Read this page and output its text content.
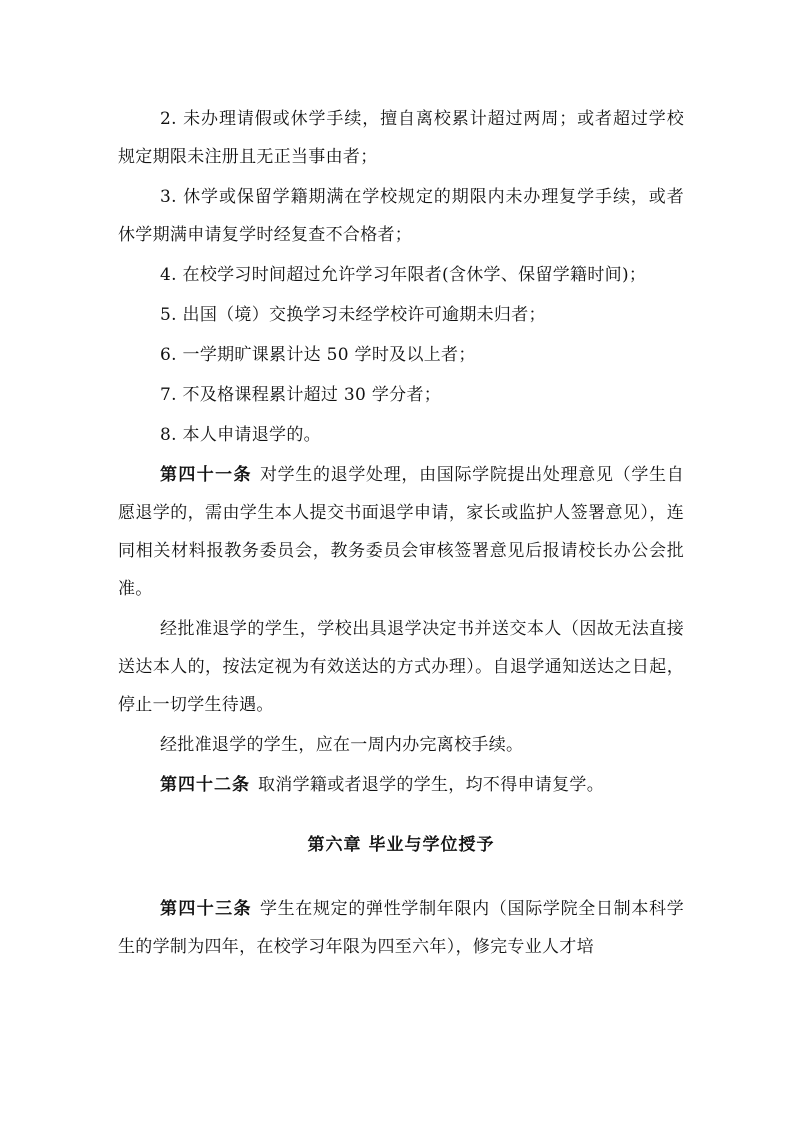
2. 未办理请假或休学手续，擅自离校累计超过两周；或者超过学校规定期限未注册且无正当事由者；

3. 休学或保留学籍期满在学校规定的期限内未办理复学手续，或者休学期满申请复学时经复查不合格者；

4. 在校学习时间超过允许学习年限者(含休学、保留学籍时间)；

5. 出国（境）交换学习未经学校许可逾期未归者；

6. 一学期旷课累计达 50 学时及以上者；

7. 不及格课程累计超过 30 学分者；

8. 本人申请退学的。

第四十一条 对学生的退学处理，由国际学院提出处理意见（学生自愿退学的，需由学生本人提交书面退学申请，家长或监护人签署意见），连同相关材料报教务委员会，教务委员会审核签署意见后报请校长办公会批准。

经批准退学的学生，学校出具退学决定书并送交本人（因故无法直接送达本人的，按法定视为有效送达的方式办理）。自退学通知送达之日起，停止一切学生待遇。

经批准退学的学生，应在一周内办完离校手续。

第四十二条 取消学籍或者退学的学生，均不得申请复学。

第六章 毕业与学位授予

第四十三条 学生在规定的弹性学制年限内（国际学院全日制本科学生的学制为四年，在校学习年限为四至六年），修完专业人才培
